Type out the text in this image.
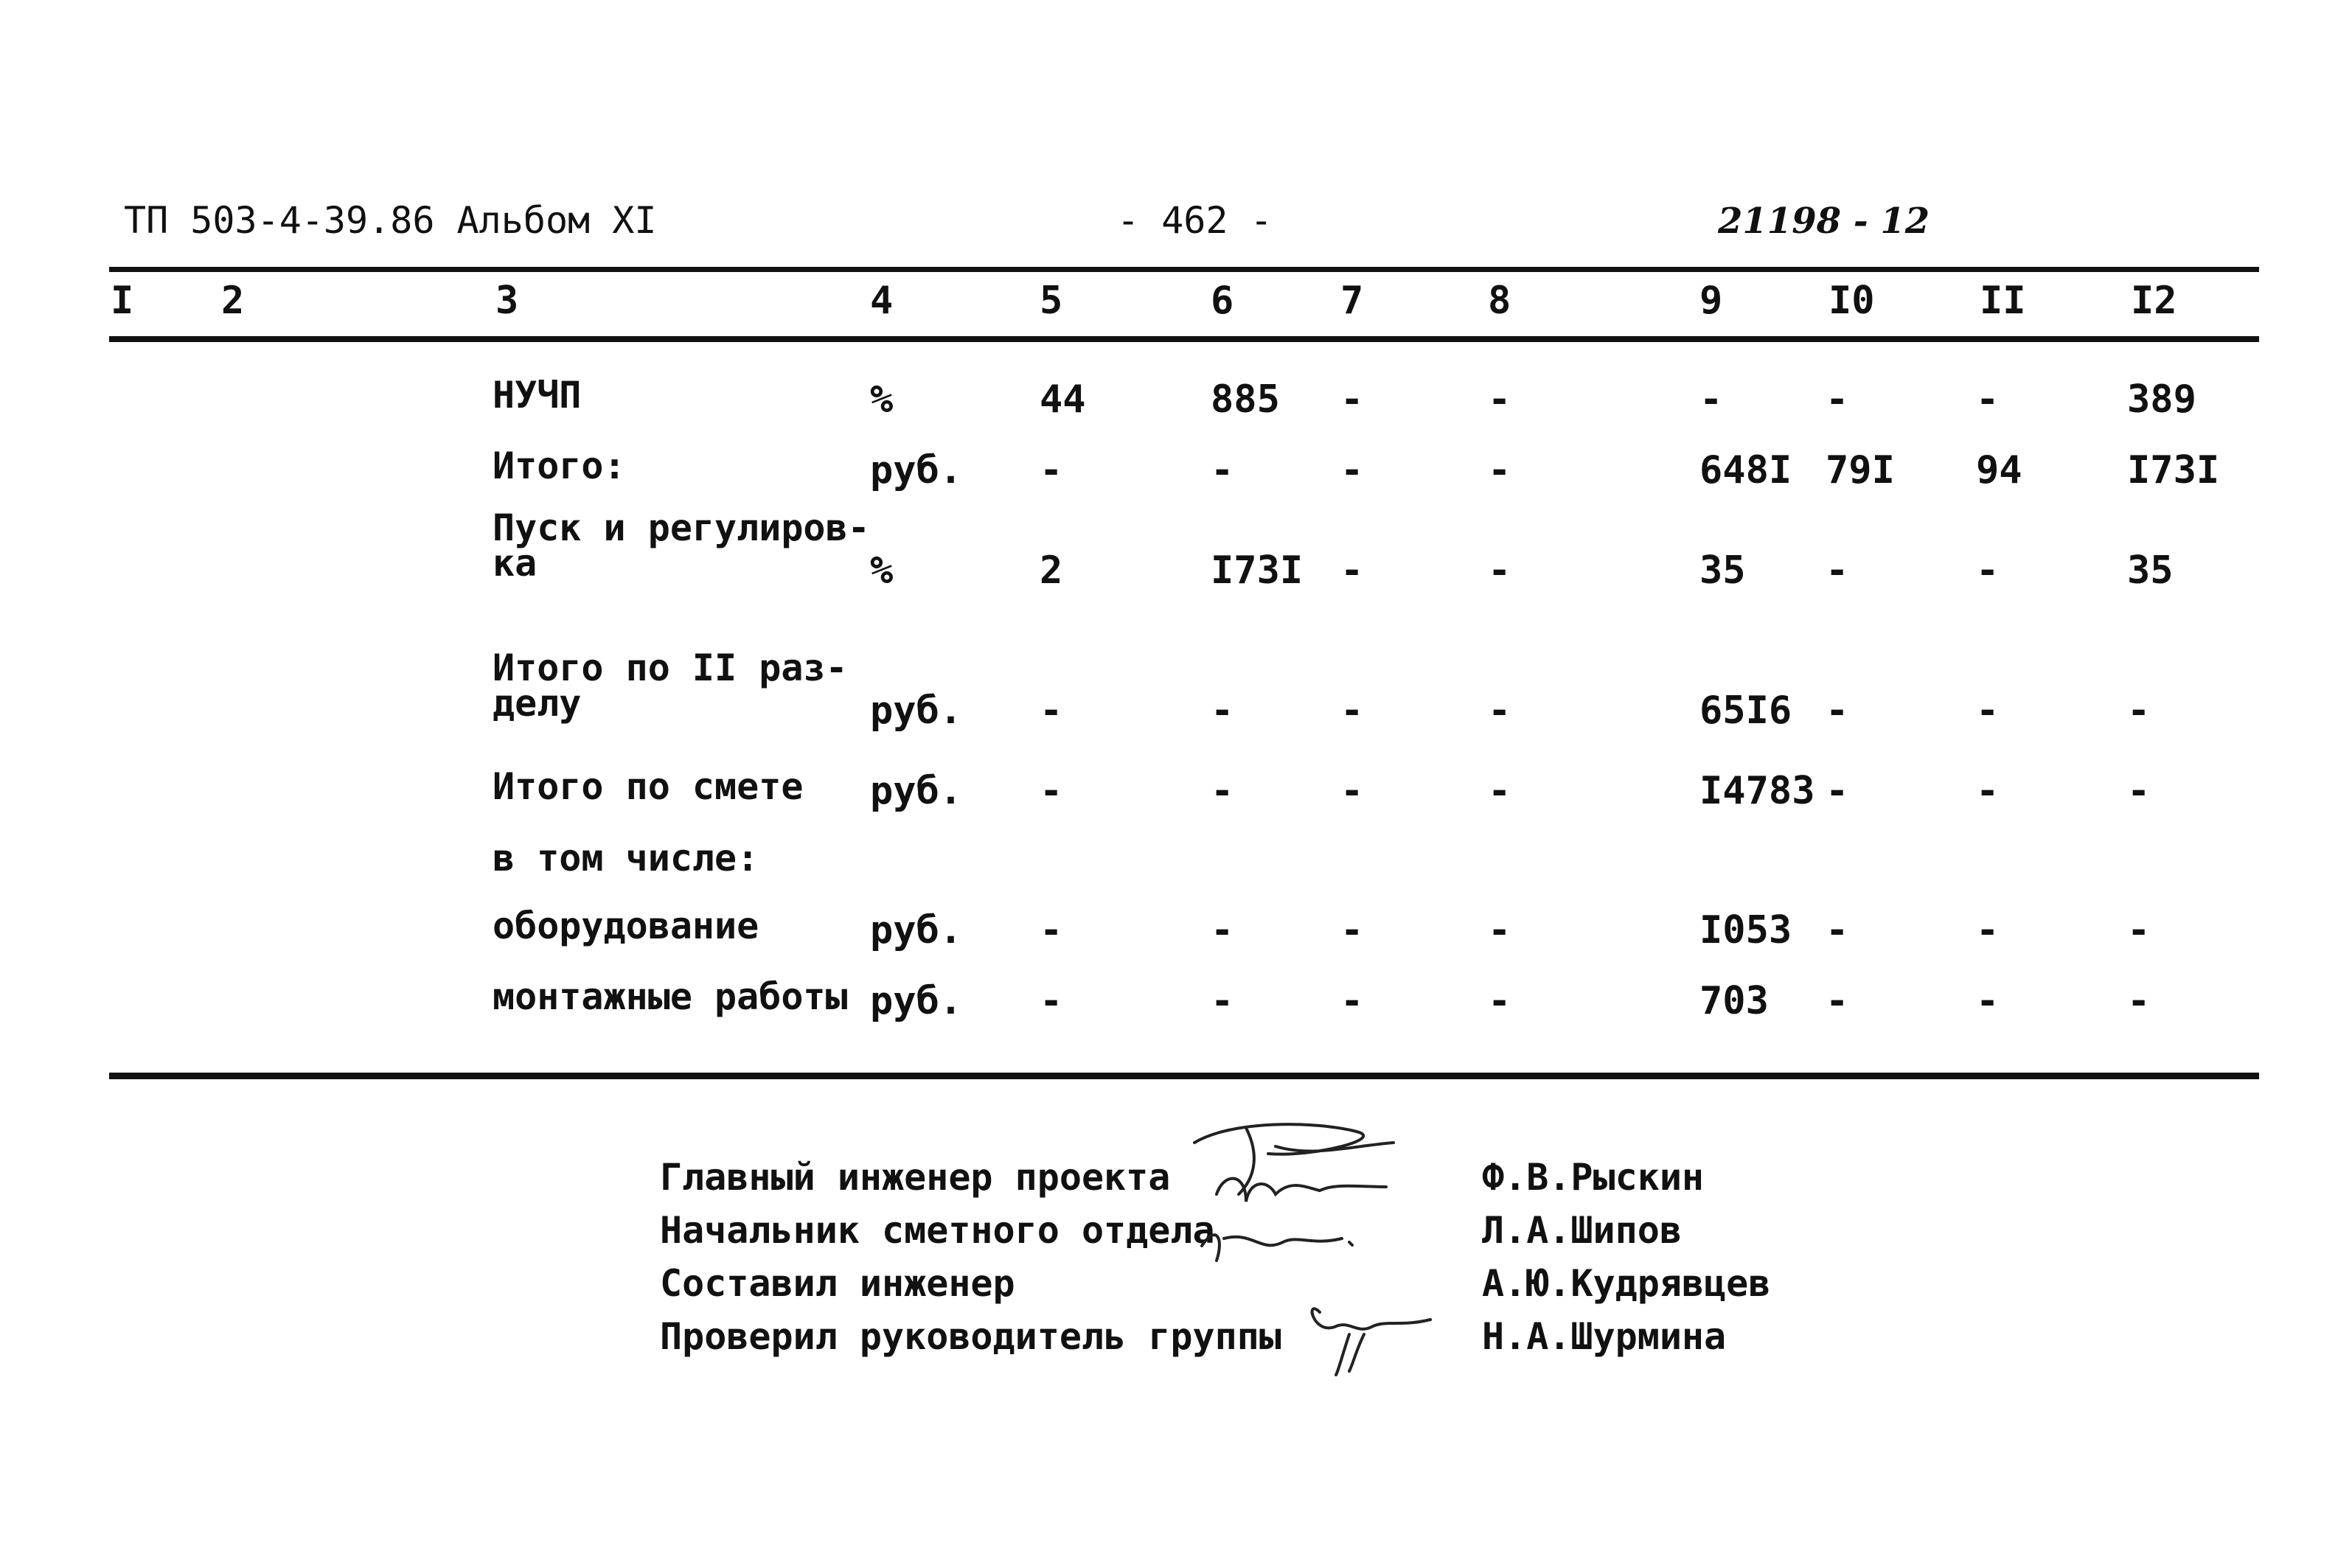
ТП 503-4-39.86 Альбом XI	- 462 -	21198 - 12
I 2	3	4	5	6	7	8	9	I0	II	I2
НУЧП	%	44	885 -	-	-	-	-	389
Итого:	руб. -	-	-	-	648I 79I 94	I73I
Пуск и регулиров-
ка	%	2	I73I -	-	35 -	-	35
Итого по II раз-
делу	руб. -	-	-	-	65I6 -	-	-
Итого по смете руб. -	-	-	-	I4783 -	-	-
в том числе:
оборудование	руб. -	-	-	-	I053 -	-	-
монтажные работы руб. -	-	-	-	703 -	-	-
Главный инженер проекта	Ф.В.Рыскин
Начальник сметного отдела	Л.А.Шипов
Составил инженер	А.Ю.Кудрявцев
Проверил руководитель группы	Н.А.Шурмина
